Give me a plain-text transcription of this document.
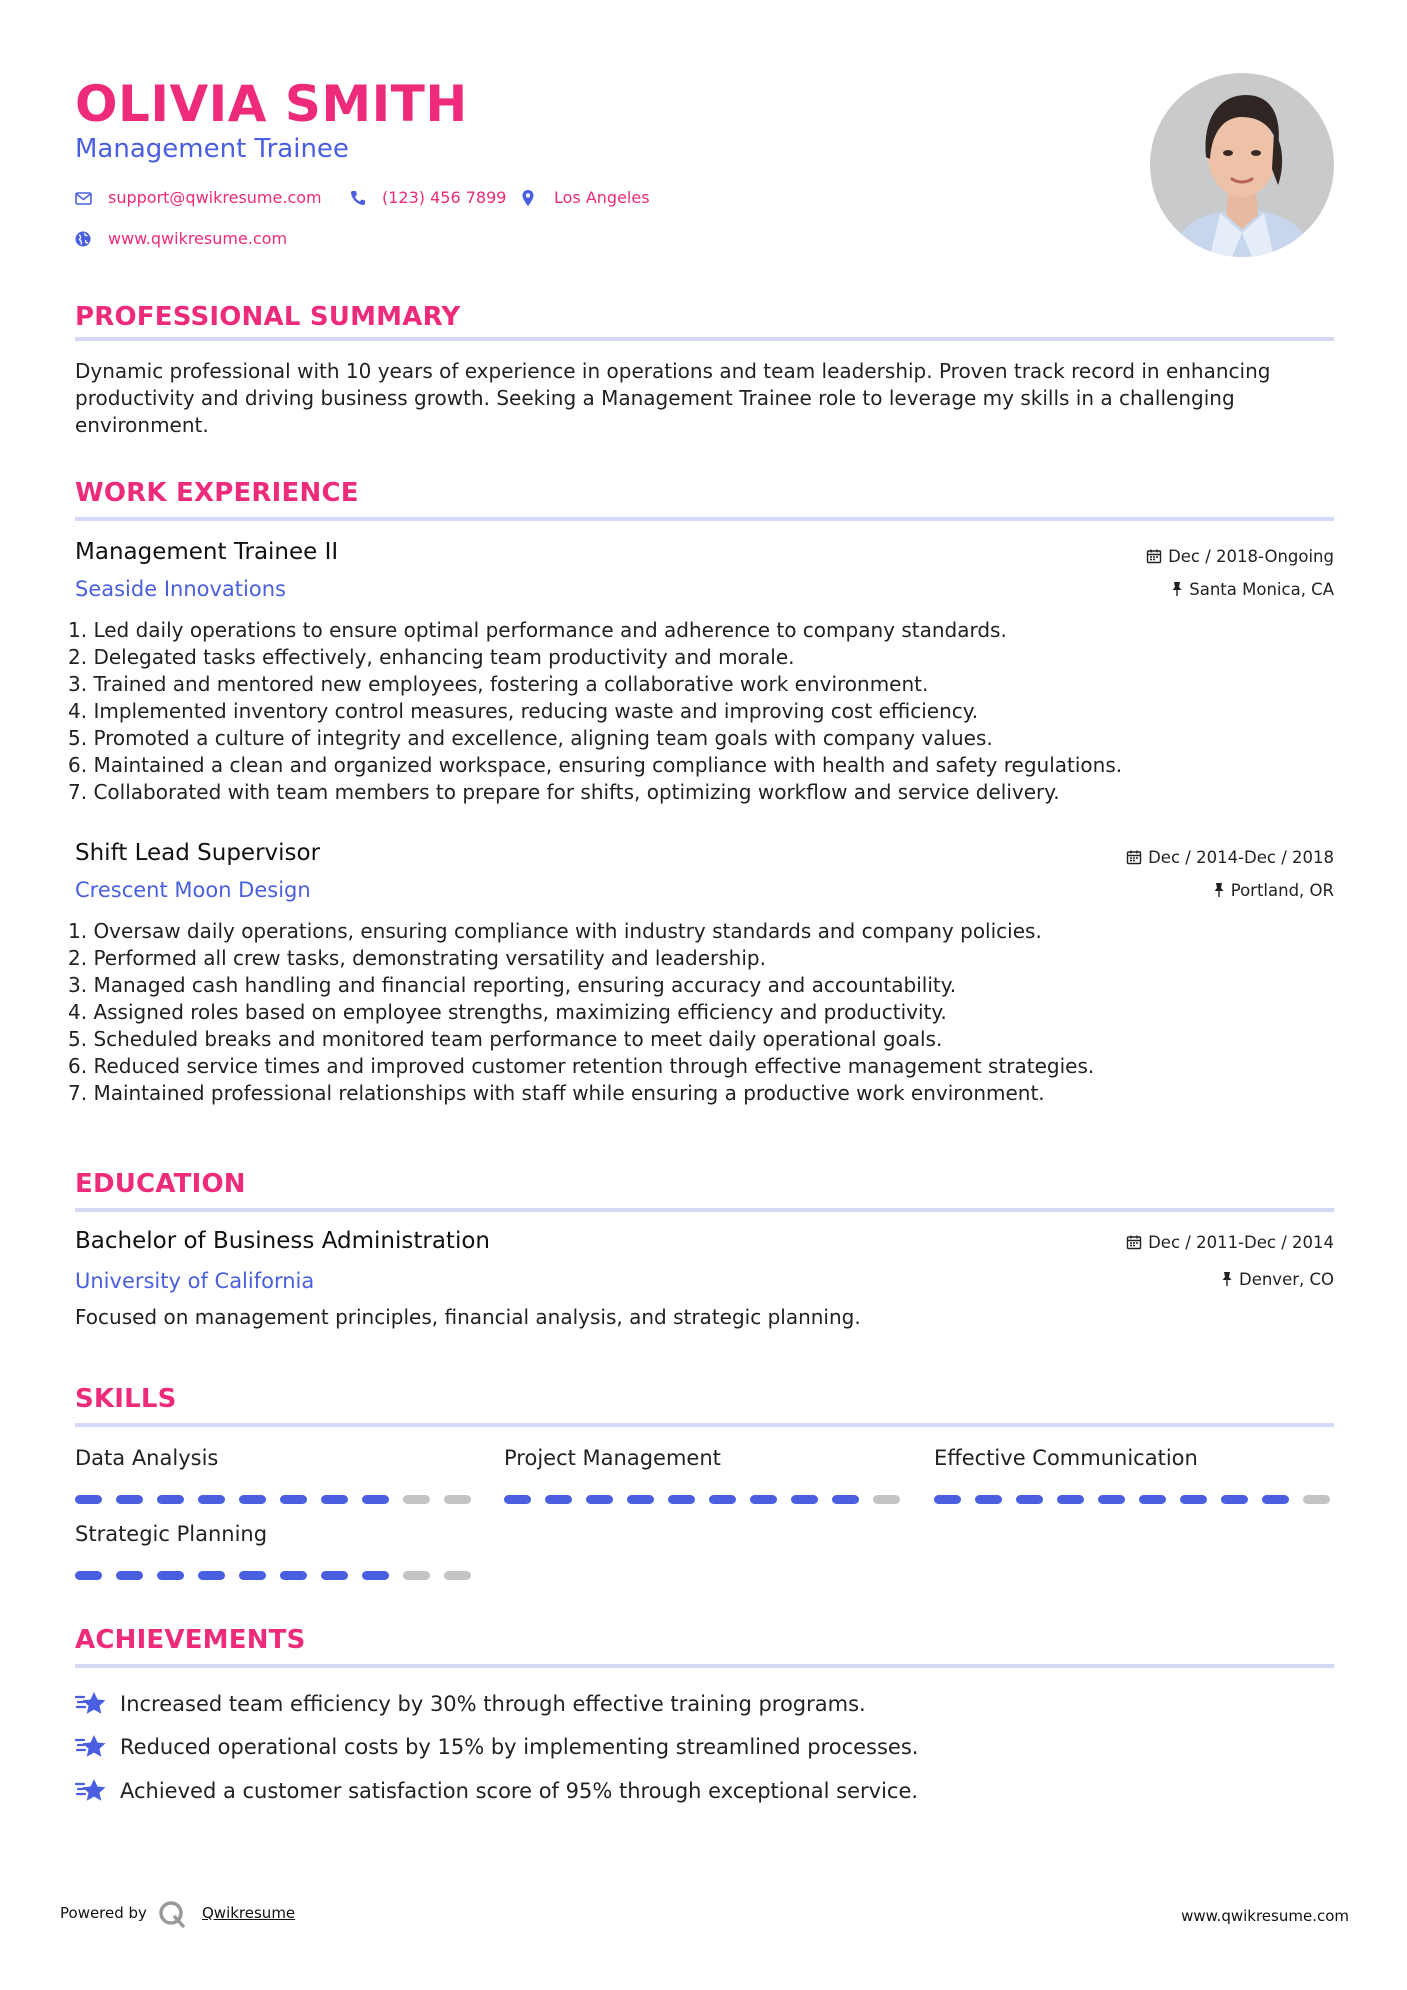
OLIVIA SMITH
Management Trainee
support@qwikresume.com	(123) 456 7899	Los Angeles
www.qwikresume.com
PROFESSIONAL SUMMARY
Dynamic professional with 10 years of experience in operations and team leadership. Proven track record in enhancing
productivity and driving business growth. Seeking a Management Trainee role to leverage my skills in a challenging
environment.
WORK EXPERIENCE
Management Trainee II
Seaside Innovations
Dec / 2018-Ongoing
Santa Monica, CA
1. Led daily operations to ensure optimal performance and adherence to company standards.
2. Delegated tasks effectively, enhancing team productivity and morale.
3. Trained and mentored new employees, fostering a collaborative work environment.
4. Implemented inventory control measures, reducing waste and improving cost efficiency.
5. Promoted a culture of integrity and excellence, aligning team goals with company values.
6. Maintained a clean and organized workspace, ensuring compliance with health and safety regulations.
7. Collaborated with team members to prepare for shifts, optimizing workflow and service delivery.
Shift Lead Supervisor
Crescent Moon Design
Dec / 2014-Dec / 2018
Portland, OR
1. Oversaw daily operations, ensuring compliance with industry standards and company policies.
2. Performed all crew tasks, demonstrating versatility and leadership.
3. Managed cash handling and financial reporting, ensuring accuracy and accountability.
4. Assigned roles based on employee strengths, maximizing efficiency and productivity.
5. Scheduled breaks and monitored team performance to meet daily operational goals.
6. Reduced service times and improved customer retention through effective management strategies.
7. Maintained professional relationships with staff while ensuring a productive work environment.
EDUCATION
Bachelor of Business Administration
University of California
Dec / 2011-Dec / 2014
Denver, CO
Focused on management principles, financial analysis, and strategic planning.
SKILLS
Data Analysis	Project Management	Effective Communication
Strategic Planning
ACHIEVEMENTS
Increased team efficiency by 30% through effective training programs.
Reduced operational costs by 15% by implementing streamlined processes.
Achieved a customer satisfaction score of 95% through exceptional service.
Powered by	Qwikresume	www.qwikresume.com
